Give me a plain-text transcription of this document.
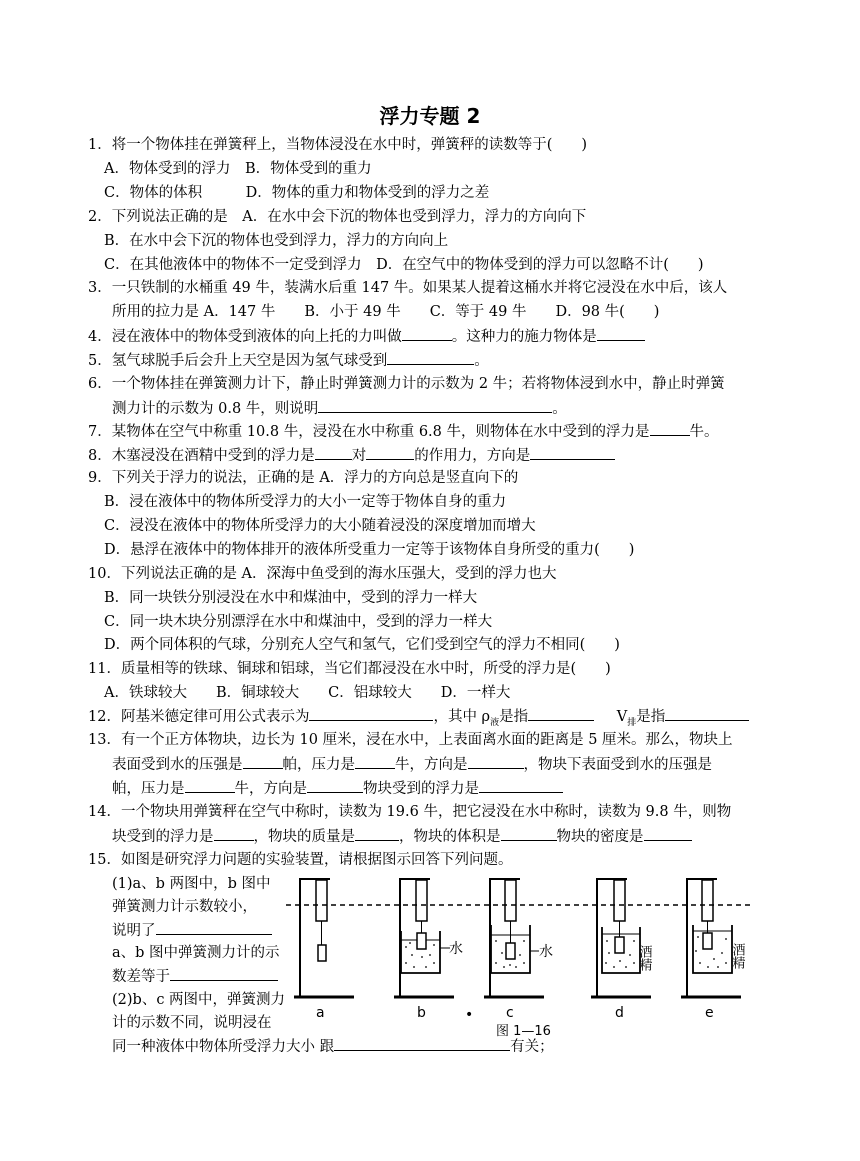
浮力专题 2
1．将一个物体挂在弹簧秤上，当物体浸没在水中时，弹簧秤的读数等于(　　)
A．物体受到的浮力　B．物体受到的重力
C．物体的体积　　　D．物体的重力和物体受到的浮力之差
2．下列说法正确的是　A．在水中会下沉的物体也受到浮力，浮力的方向向下
B．在水中会下沉的物体也受到浮力，浮力的方向向上
C．在其他液体中的物体不一定受到浮力　D．在空气中的物体受到的浮力可以忽略不计(　　)
3．一只铁制的水桶重 49 牛，装满水后重 147 牛。如果某人提着这桶水并将它浸没在水中后，该人
所用的拉力是 A．147 牛　　B．小于 49 牛　　C．等于 49 牛　　D．98 牛(　　)
4．浸在液体中的物体受到液体的向上托的力叫做	。这种力的施力物体是
5．氢气球脱手后会升上天空是因为氢气球受到	。
6．一个物体挂在弹簧测力计下，静止时弹簧测力计的示数为 2 牛；若将物体浸到水中，静止时弹簧
测力计的示数为 0.8 牛，则说明	。
7．某物体在空气中称重 10.8 牛，浸没在水中称重 6.8 牛，则物体在水中受到的浮力是	牛。
8．木塞浸没在酒精中受到的浮力是	对	的作用力，方向是
9．下列关于浮力的说法，正确的是 A．浮力的方向总是竖直向下的
B．浸在液体中的物体所受浮力的大小一定等于物体自身的重力
C．浸没在液体中的物体所受浮力的大小随着浸没的深度增加而增大
D．悬浮在液体中的物体排开的液体所受重力一定等于该物体自身所受的重力(　　)
10．下列说法正确的是 A．深海中鱼受到的海水压强大，受到的浮力也大
B．同一块铁分别浸没在水中和煤油中，受到的浮力一样大
C．同一块木块分别漂浮在水中和煤油中，受到的浮力一样大
D．两个同体积的气球，分别充人空气和氢气，它们受到空气的浮力不相同(　　)
11．质量相等的铁球、铜球和铝球，当它们都浸没在水中时，所受的浮力是(　　)
A．铁球较大　　B．铜球较大　　C．铝球较大　　D．一样大
12．阿基米德定律可用公式表示为	，其中 $\rho_液$是指	$V_排$是指
13．有一个正方体物块，边长为 10 厘米，浸在水中，上表面离水面的距离是 5 厘米。那么，物块上
表面受到水的压强是	帕，压力是	牛，方向是	，物块下表面受到水的压强是
帕，压力是	牛，方向是	物块受到的浮力是
14．一个物块用弹簧秤在空气中称时，读数为 19.6 牛，把它浸没在水中称时，读数为 9.8 牛，则物
块受到的浮力是	，物块的质量是	，物块的体积是	物块的密度是
15．如图是研究浮力问题的实验装置，请根据图示回答下列问题。
(1)a、b 两图中，b 图中
弹簧测力计示数较小，
说明了
a、b 图中弹簧测力计的示
数差等于
(2)b、c 两图中，弹簧测力
计的示数不同，说明浸在
同一种液体中物体所受浮力大小 跟	有关；
水	水	酒精	酒精
a	b	• c	d	e
图 1—16
